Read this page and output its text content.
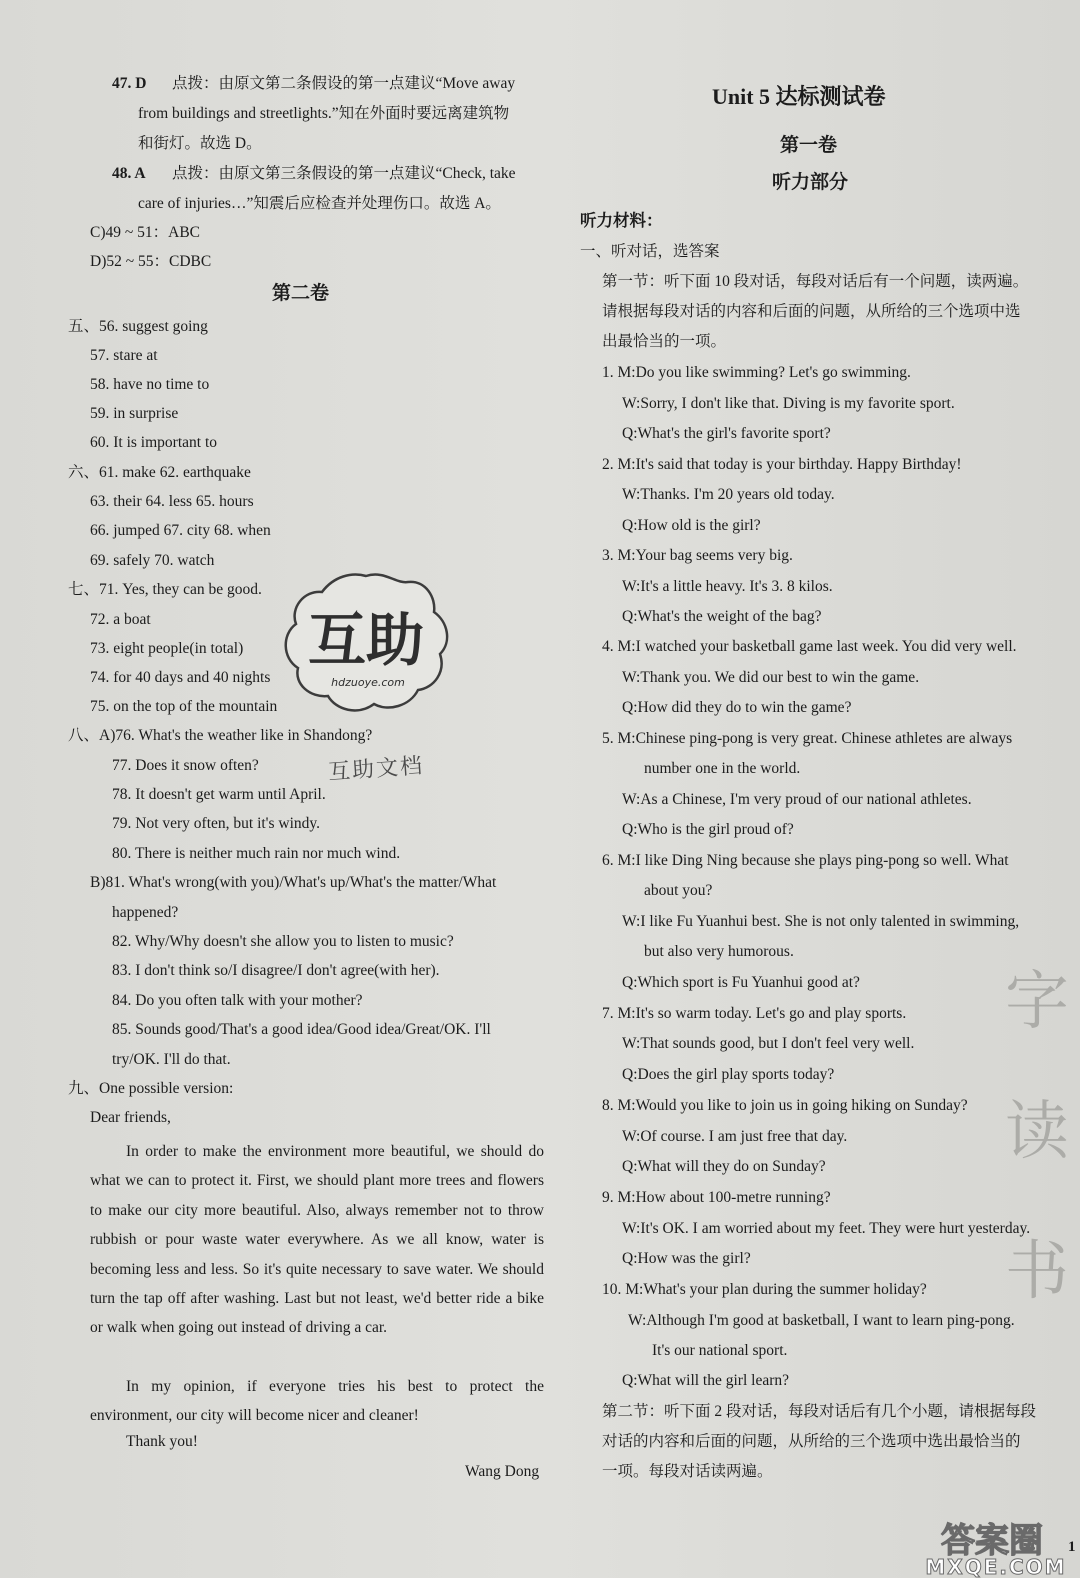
47. D 点拨：由原文第二条假设的第一点建议“Move away
from buildings and streetlights.”知在外面时要远离建筑物
和街灯。故选 D。
48. A 点拨：由原文第三条假设的第一点建议“Check, take
care of injuries…”知震后应检查并处理伤口。故选 A。
C)49 ~ 51：ABC
D)52 ~ 55：CDBC
第二卷
五、56. suggest going
57. stare at
58. have no time to
59. in surprise
60. It is important to
六、61. make 62. earthquake
63. their 64. less 65. hours
66. jumped 67. city 68. when
69. safely 70. watch
七、71. Yes, they can be good.
72. a boat
73. eight people(in total)
74. for 40 days and 40 nights
75. on the top of the mountain
八、A)76. What's the weather like in Shandong?
77. Does it snow often?
78. It doesn't get warm until April.
79. Not very often, but it's windy.
80. There is neither much rain nor much wind.
B)81. What's wrong(with you)/What's up/What's the matter/What
happened?
82. Why/Why doesn't she allow you to listen to music?
83. I don't think so/I disagree/I don't agree(with her).
84. Do you often talk with your mother?
85. Sounds good/That's a good idea/Good idea/Great/OK. I'll
try/OK. I'll do that.
九、One possible version:
Dear friends,
In order to make the environment more beautiful, we should do what we can to protect it. First, we should plant more trees and flowers to make our city more beautiful. Also, always remember not to throw rubbish or pour waste water everywhere. As we all know, water is becoming less and less. So it's quite necessary to save water. We should turn the tap off after washing. Last but not least, we'd better ride a bike or walk when going out instead of driving a car.
In my opinion, if everyone tries his best to protect the environment, our city will become nicer and cleaner!
Thank you!
Wang Dong
互助
hdzuoye.com
互助文档
Unit 5 达标测试卷
第一卷
听力部分
听力材料：
一、听对话，选答案
第一节：听下面 10 段对话，每段对话后有一个问题，读两遍。
请根据每段对话的内容和后面的问题，从所给的三个选项中选
出最恰当的一项。
1. M:Do you like swimming? Let's go swimming.
W:Sorry, I don't like that. Diving is my favorite sport.
Q:What's the girl's favorite sport?
2. M:It's said that today is your birthday. Happy Birthday!
W:Thanks. I'm 20 years old today.
Q:How old is the girl?
3. M:Your bag seems very big.
W:It's a little heavy. It's 3. 8 kilos.
Q:What's the weight of the bag?
4. M:I watched your basketball game last week. You did very well.
W:Thank you. We did our best to win the game.
Q:How did they do to win the game?
5. M:Chinese ping-pong is very great. Chinese athletes are always
number one in the world.
W:As a Chinese, I'm very proud of our national athletes.
Q:Who is the girl proud of?
6. M:I like Ding Ning because she plays ping-pong so well. What
about you?
W:I like Fu Yuanhui best. She is not only talented in swimming,
but also very humorous.
Q:Which sport is Fu Yuanhui good at?
7. M:It's so warm today. Let's go and play sports.
W:That sounds good, but I don't feel very well.
Q:Does the girl play sports today?
8. M:Would you like to join us in going hiking on Sunday?
W:Of course. I am just free that day.
Q:What will they do on Sunday?
9. M:How about 100-metre running?
W:It's OK. I am worried about my feet. They were hurt yesterday.
Q:How was the girl?
10. M:What's your plan during the summer holiday?
W:Although I'm good at basketball, I want to learn ping-pong.
It's our national sport.
Q:What will the girl learn?
第二节：听下面 2 段对话，每段对话后有几个小题，请根据每段
对话的内容和后面的问题，从所给的三个选项中选出最恰当的
一项。每段对话读两遍。
1
字
读
书
答案圈
MXQE.COM
